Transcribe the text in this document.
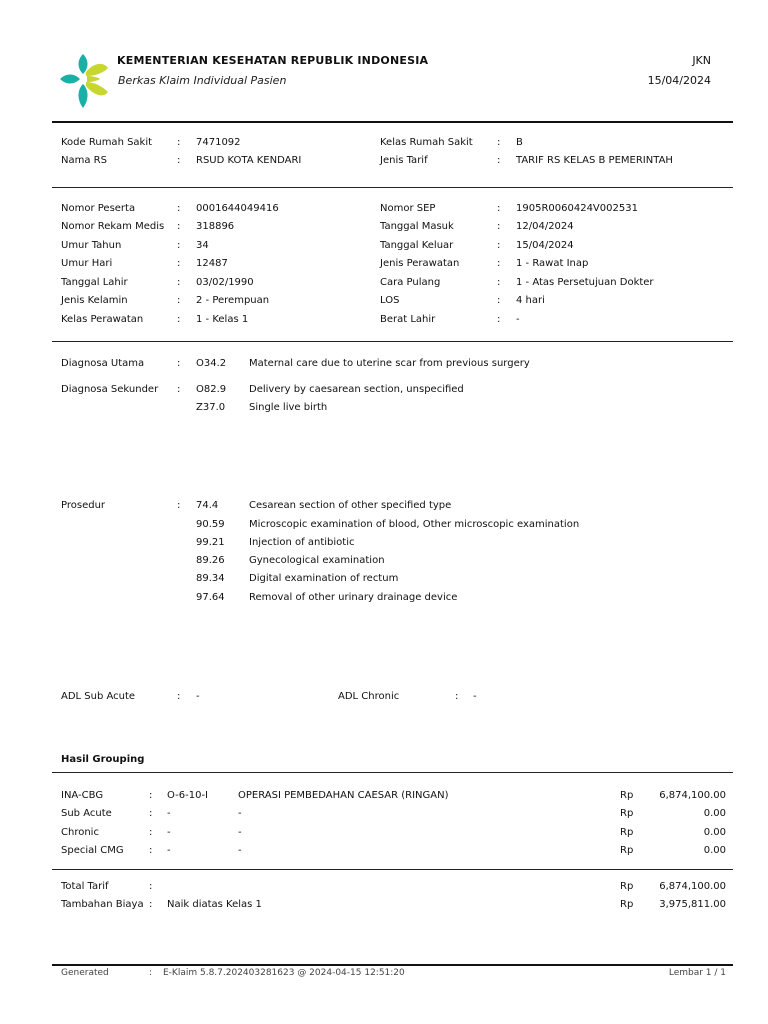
KEMENTERIAN KESEHATAN REPUBLIK INDONESIA
Berkas Klaim Individual Pasien
JKN
15/04/2024
Kode Rumah Sakit : 7471092
Nama RS	: RSUD KOTA KENDARI
Kelas Rumah Sakit : B
Jenis Tarif	: TARIF RS KELAS B PEMERINTAH
Nomor Peserta	: 0001644049416
Nomor Rekam Medis : 318896
Umur Tahun	: 34
Umur Hari	: 12487
Tanggal Lahir	: 03/02/1990
Jenis Kelamin	: 2 - Perempuan
Kelas Perawatan	: 1 - Kelas 1
Nomor SEP	: 1905R0060424V002531
Tanggal Masuk	: 12/04/2024
Tanggal Keluar	: 15/04/2024
Jenis Perawatan	: 1 - Rawat Inap
Cara Pulang	: 1 - Atas Persetujuan Dokter
LOS	: 4 hari
Berat Lahir	: -
Diagnosa Utama	: O34.2 Maternal care due to uterine scar from previous surgery
Diagnosa Sekunder : O82.9 Delivery by caesarean section, unspecified
Z37.0 Single live birth
Prosedur	: 74.4	Cesarean section of other specified type
90.59 Microscopic examination of blood, Other microscopic examination
99.21 Injection of antibiotic
89.26 Gynecological examination
89.34 Digital examination of rectum
97.64 Removal of other urinary drainage device
ADL Sub Acute	: -	ADL Chronic	: -
Hasil Grouping
INA-CBG	: O-6-10-I	OPERASI PEMBEDAHAN CAESAR (RINGAN)	Rp	6,874,100.00
Sub Acute	: -	-	Rp	0.00
Chronic	: -	-	Rp	0.00
Special CMG	: -	-	Rp	0.00
Total Tarif	:	Rp	6,874,100.00
Tambahan Biaya : Naik diatas Kelas 1	Rp	3,975,811.00
Generated	: E-Klaim 5.8.7.202403281623 @ 2024-04-15 12:51:20	Lembar 1 / 1
